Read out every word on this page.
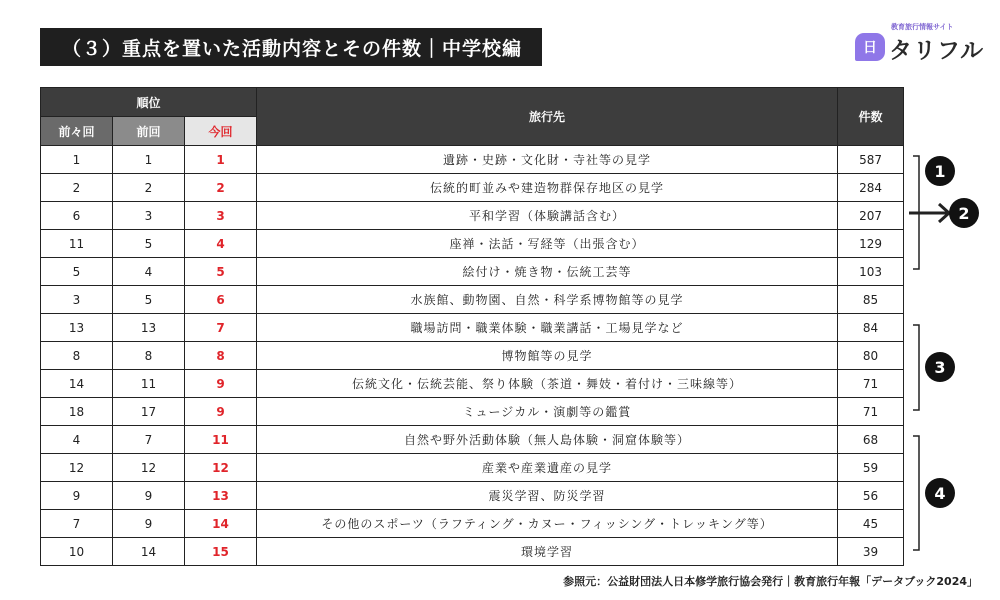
（３）重点を置いた活動内容とその件数｜中学校編
教育旅行情報サイト
日 タリフル
順位			旅行先	件数
前々回	前回	今回		
1	1	1	遺跡・史跡・文化財・寺社等の見学	587
2	2	2	伝統的町並みや建造物群保存地区の見学	284
6	3	3	平和学習（体験講話含む）	207
11	5	4	座禅・法話・写経等（出張含む）	129
5	4	5	絵付け・焼き物・伝統工芸等	103
3	5	6	水族館、動物園、自然・科学系博物館等の見学	85
13	13	7	職場訪問・職業体験・職業講話・工場見学など	84
8	8	8	博物館等の見学	80
14	11	9	伝統文化・伝統芸能、祭り体験（茶道・舞妓・着付け・三味線等）	71
18	17	9	ミュージカル・演劇等の鑑賞	71
4	7	11	自然や野外活動体験（無人島体験・洞窟体験等）	68
12	12	12	産業や産業遺産の見学	59
9	9	13	震災学習、防災学習	56
7	9	14	その他のスポーツ（ラフティング・カヌー・フィッシング・トレッキング等）	45
10	14	15	環境学習	39
1
2
3
4
参照元：公益財団法人日本修学旅行協会発行｜教育旅行年報「データブック2024」
